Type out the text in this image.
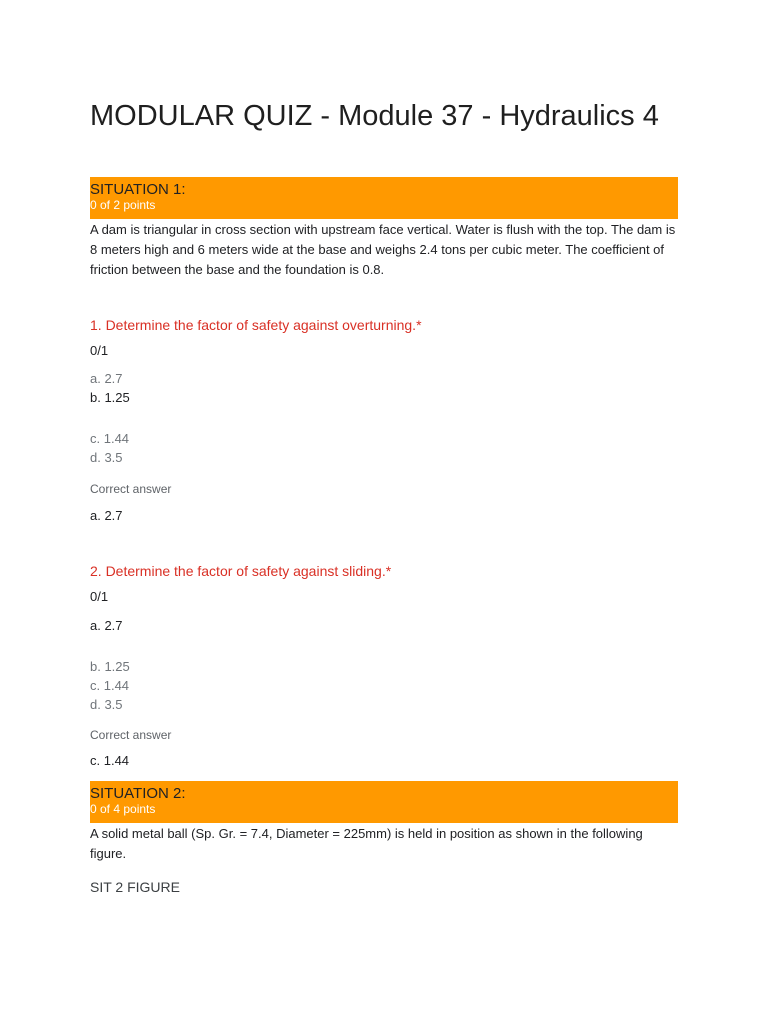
MODULAR QUIZ - Module 37 - Hydraulics 4
SITUATION 1:
0 of 2 points
A dam is triangular in cross section with upstream face vertical. Water is flush with the top. The dam is 8 meters high and 6 meters wide at the base and weighs 2.4 tons per cubic meter. The coefficient of friction between the base and the foundation is 0.8.
1. Determine the factor of safety against overturning.*
0/1
a. 2.7
b. 1.25
c. 1.44
d. 3.5
Correct answer
a. 2.7
2. Determine the factor of safety against sliding.*
0/1
a. 2.7
b. 1.25
c. 1.44
d. 3.5
Correct answer
c. 1.44
SITUATION 2:
0 of 4 points
A solid metal ball (Sp. Gr. = 7.4, Diameter = 225mm) is held in position as shown in the following figure.
SIT 2 FIGURE
